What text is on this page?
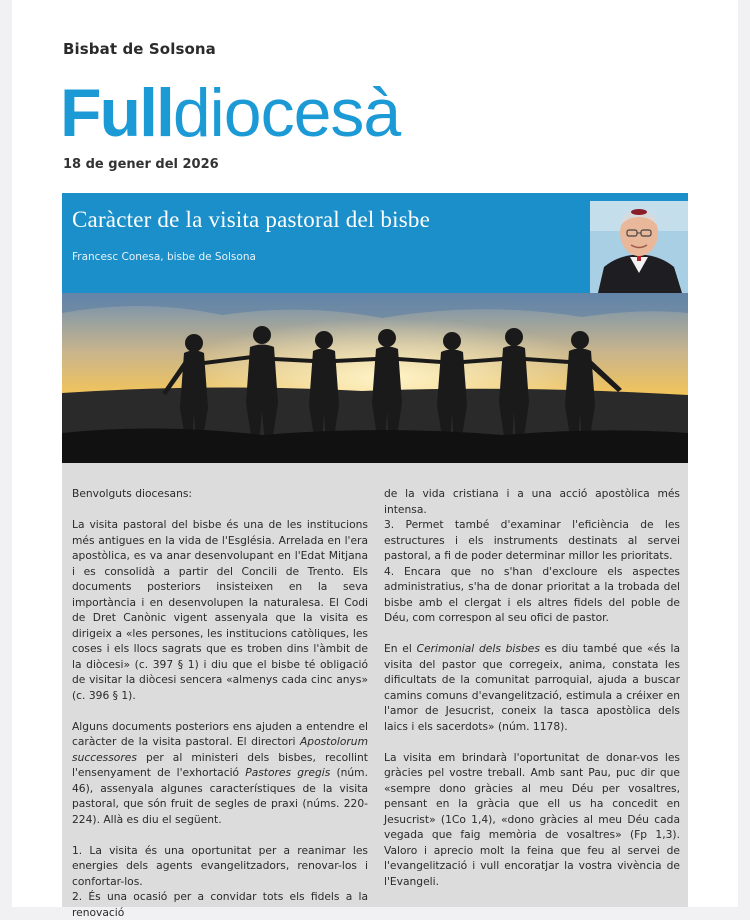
Bisbat de Solsona
Fulldiocesà
18 de gener del 2026
Caràcter de la visita pastoral del bisbe
Francesc Conesa, bisbe de Solsona

Benvolguts diocesans:

La visita pastoral del bisbe és una de les institucions més antigues en la vida de l'Església. Arrelada en l'era apostòlica, es va anar desenvolupant en l'Edat Mitjana i es consolidà a partir del Concili de Trento. Els documents posteriors insisteixen en la seva importància i en desenvolupen la naturalesa. El Codi de Dret Canònic vigent assenyala que la visita es dirigeix a «les persones, les institucions catòliques, les coses i els llocs sagrats que es troben dins l'àmbit de la diòcesi» (c. 397 § 1) i diu que el bisbe té obligació de visitar la diòcesi sencera «almenys cada cinc anys» (c. 396 § 1).

Alguns documents posteriors ens ajuden a entendre el caràcter de la visita pastoral. El directori Apostolorum successores per al ministeri dels bisbes, recollint l'ensenyament de l'exhortació Pastores gregis (núm. 46), assenyala algunes característiques de la visita pastoral, que són fruit de segles de praxi (núms. 220-224). Allà es diu el següent.

1. La visita és una oportunitat per a reanimar les energies dels agents evangelitzadors, renovar-los i confortar-los.

2. És una ocasió per a convidar tots els fidels a la renovació

de la vida cristiana i a una acció apostòlica més intensa.

3. Permet també d'examinar l'eficiència de les estructures i els instruments destinats al servei pastoral, a fi de poder determinar millor les prioritats.

4. Encara que no s'han d'excloure els aspectes administratius, s'ha de donar prioritat a la trobada del bisbe amb el clergat i els altres fidels del poble de Déu, com correspon al seu ofici de pastor.

En el Cerimonial dels bisbes es diu també que «és la visita del pastor que corregeix, anima, constata les dificultats de la comunitat parroquial, ajuda a buscar camins comuns d'evangelització, estimula a créixer en l'amor de Jesucrist, coneix la tasca apostòlica dels laics i els sacerdots» (núm. 1178).

La visita em brindarà l'oportunitat de donar-vos les gràcies pel vostre treball. Amb sant Pau, puc dir que «sempre dono gràcies al meu Déu per vosaltres, pensant en la gràcia que ell us ha concedit en Jesucrist» (1Co 1,4), «dono gràcies al meu Déu cada vegada que faig memòria de vosaltres» (Fp 1,3). Valoro i aprecio molt la feina que feu al servei de l'evangelització i vull encoratjar la vostra vivència de l'Evangeli.
